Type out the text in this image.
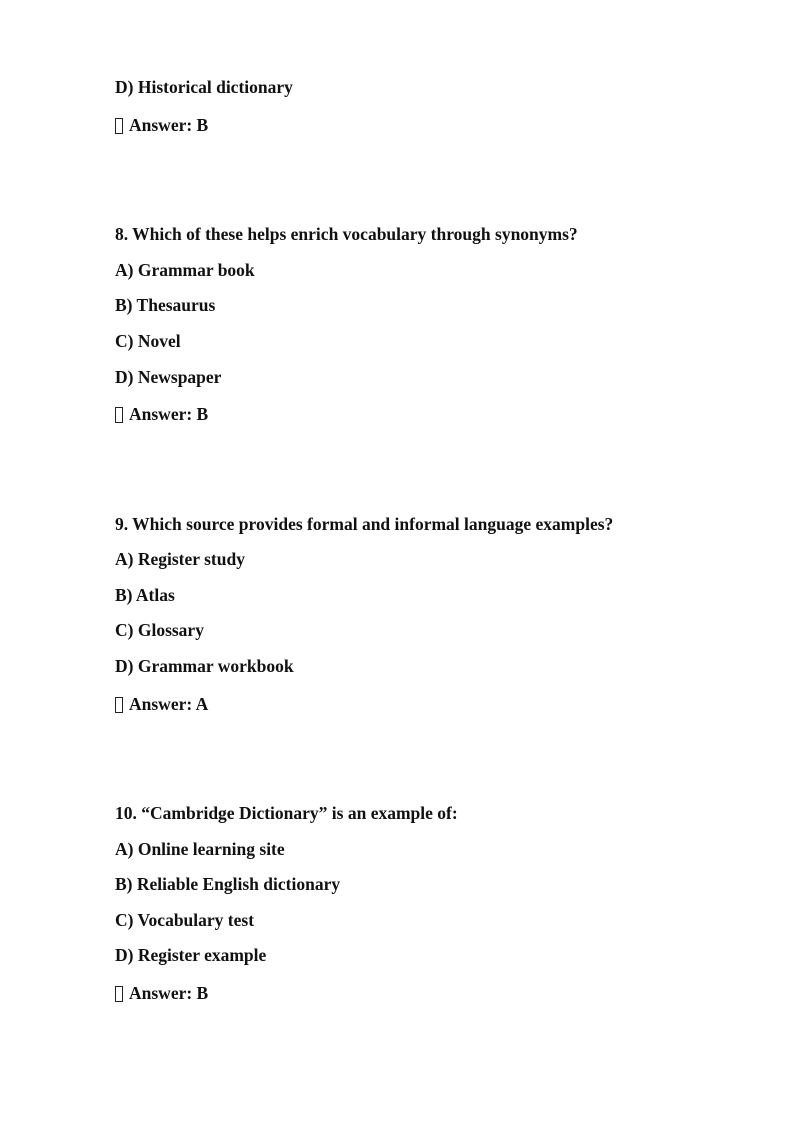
D) Historical dictionary
Answer: B
8. Which of these helps enrich vocabulary through synonyms?
A) Grammar book
B) Thesaurus
C) Novel
D) Newspaper
Answer: B
9. Which source provides formal and informal language examples?
A) Register study
B) Atlas
C) Glossary
D) Grammar workbook
Answer: A
10. “Cambridge Dictionary” is an example of:
A) Online learning site
B) Reliable English dictionary
C) Vocabulary test
D) Register example
Answer: B
